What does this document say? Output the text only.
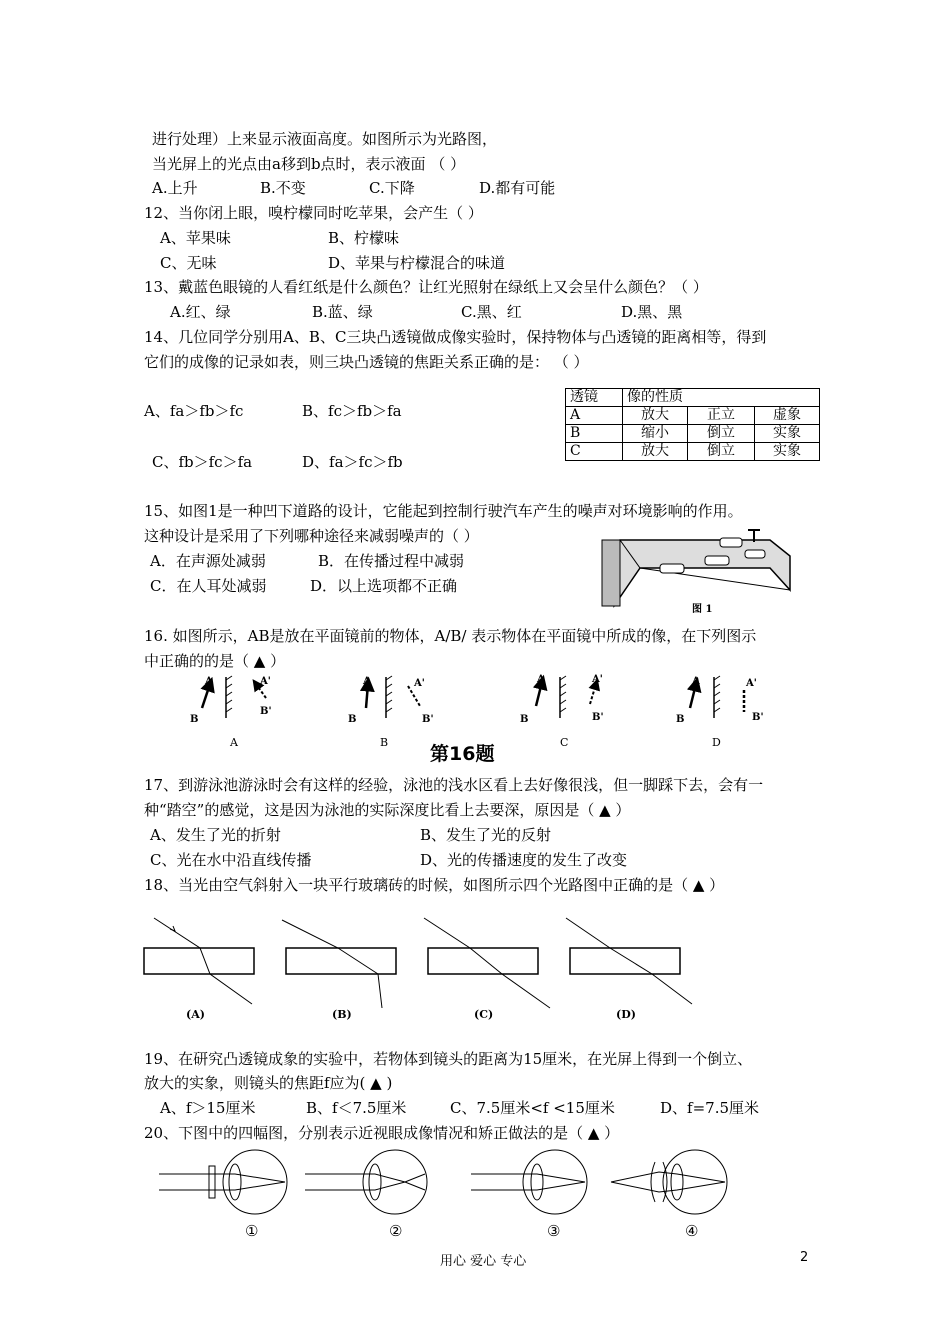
进行处理）上来显示液面高度。如图所示为光路图，
当光屏上的光点由a移到b点时，表示液面 （ ）
A.上升	B.不变	C.下降	D.都有可能
12、当你闭上眼，嗅柠檬同时吃苹果，会产生（ ）
A、苹果味	B、柠檬味
C、无味	D、苹果与柠檬混合的味道
13、戴蓝色眼镜的人看红纸是什么颜色？让红光照射在绿纸上又会呈什么颜色？（ ）
A.红、绿	B.蓝、绿	C.黑、红	D.黑、黑
14、几位同学分别用A、B、C三块凸透镜做成像实验时，保持物体与凸透镜的距离相等，得到
它们的成像的记录如表，则三块凸透镜的焦距关系正确的是： （ ）
A、fa＞fb＞fc	B、fc＞fb＞fa
C、fb＞fc＞fa	D、fa＞fc＞fb
透镜	像的性质		
A	放大	正立	虚象
B	缩小	倒立	实象
C	放大	倒立	实象
15、如图1是一种凹下道路的设计，它能起到控制行驶汽车产生的噪声对环境影响的作用。
这种设计是采用了下列哪种途径来减弱噪声的（ ）
A．在声源处减弱	B．在传播过程中减弱
C．在人耳处减弱	D．以上选项都不正确
图 1
16. 如图所示，AB是放在平面镜前的物体，A/B/ 表示物体在平面镜中所成的像，在下列图示
中正确的的是（ ▲ ）
A
B
A'
B'
A
A
B
A'
B'
B
A
B
A'
B'
C
A
B
A'
B'
D
第16题
17、到游泳池游泳时会有这样的经验，泳池的浅水区看上去好像很浅，但一脚踩下去，会有一
种“踏空”的感觉，这是因为泳池的实际深度比看上去要深，原因是（ ▲ ）
A、发生了光的折射	B、发生了光的反射
C、光在水中沿直线传播	D、光的传播速度的发生了改变
18、当光由空气斜射入一块平行玻璃砖的时候，如图所示四个光路图中正确的是（ ▲ ）
(A)	(B)	(C)	(D)
19、在研究凸透镜成象的实验中，若物体到镜头的距离为15厘米，在光屏上得到一个倒立、
放大的实象，则镜头的焦距f应为( ▲ )
A、f＞15厘米	B、f＜7.5厘米	C、7.5厘米<f <15厘米	D、f=7.5厘米
20、下图中的四幅图，分别表示近视眼成像情况和矫正做法的是（ ▲ ）
①	②	③	④
用心 爱心 专心	2
